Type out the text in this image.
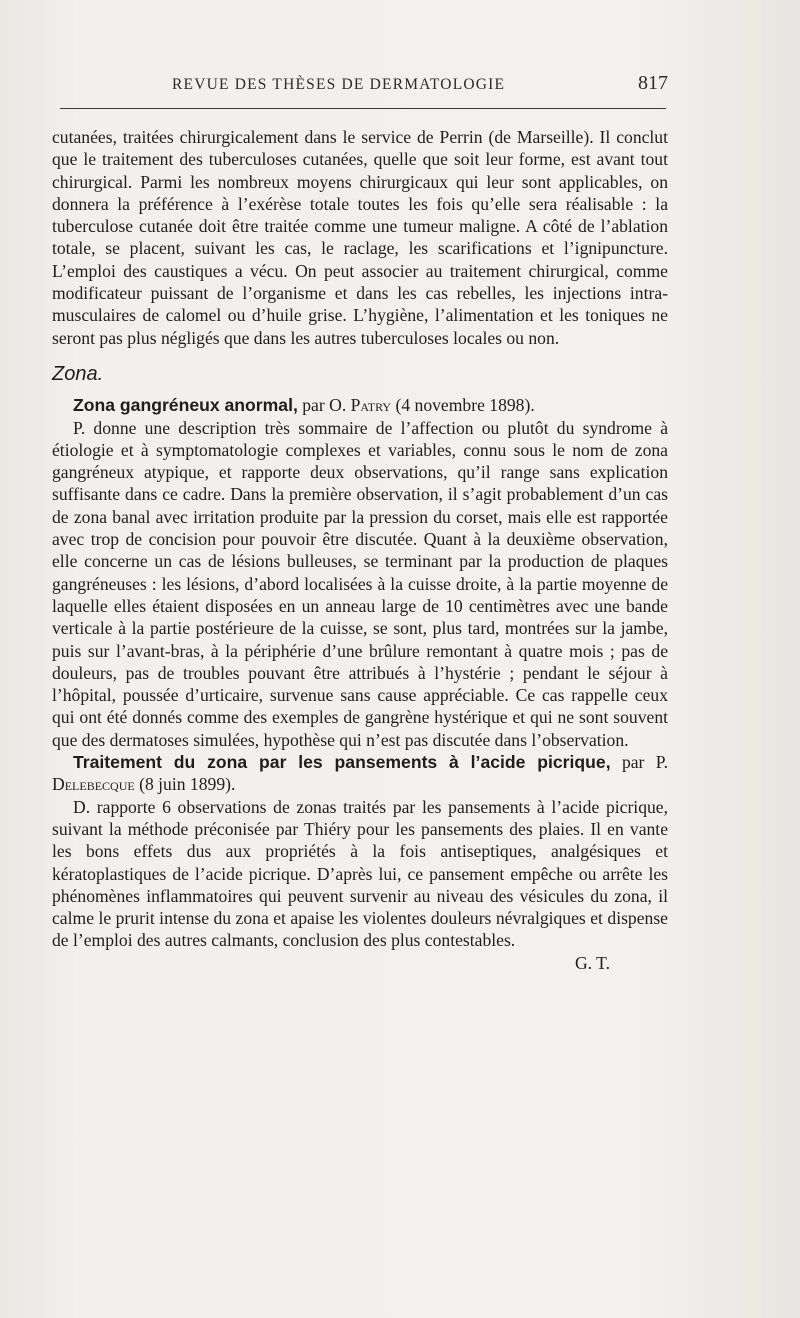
REVUE DES THÈSES DE DERMATOLOGIE	817

cutanées, traitées chirurgicalement dans le service de Perrin (de Marseille). Il conclut que le traitement des tuberculoses cutanées, quelle que soit leur forme, est avant tout chirurgical. Parmi les nombreux moyens chirurgicaux qui leur sont applicables, on donnera la préférence à l’exérèse totale toutes les fois qu’elle sera réalisable : la tuberculose cutanée doit être traitée comme une tumeur maligne. A côté de l’ablation totale, se placent, suivant les cas, le raclage, les scarifications et l’ignipuncture. L’emploi des caustiques a vécu. On peut associer au traitement chirurgical, comme modificateur puissant de l’organisme et dans les cas rebelles, les injections intra-musculaires de calomel ou d’huile grise. L’hygiène, l’alimentation et les toniques ne seront pas plus négligés que dans les autres tuberculoses locales ou non.

Zona.

Zona gangréneux anormal, par O. Patry (4 novembre 1898).

P. donne une description très sommaire de l’affection ou plutôt du syndrome à étiologie et à symptomatologie complexes et variables, connu sous le nom de zona gangréneux atypique, et rapporte deux observations, qu’il range sans explication suffisante dans ce cadre. Dans la première observation, il s’agit probablement d’un cas de zona banal avec irritation produite par la pression du corset, mais elle est rapportée avec trop de concision pour pouvoir être discutée. Quant à la deuxième observation, elle concerne un cas de lésions bulleuses, se terminant par la production de plaques gangréneuses : les lésions, d’abord localisées à la cuisse droite, à la partie moyenne de laquelle elles étaient disposées en un anneau large de 10 centimètres avec une bande verticale à la partie postérieure de la cuisse, se sont, plus tard, montrées sur la jambe, puis sur l’avant-bras, à la périphérie d’une brûlure remontant à quatre mois ; pas de douleurs, pas de troubles pouvant être attribués à l’hystérie ; pendant le séjour à l’hôpital, poussée d’urticaire, survenue sans cause appréciable. Ce cas rappelle ceux qui ont été donnés comme des exemples de gangrène hystérique et qui ne sont souvent que des dermatoses simulées, hypothèse qui n’est pas discutée dans l’observation.

Traitement du zona par les pansements à l’acide picrique, par P. Delebecque (8 juin 1899).

D. rapporte 6 observations de zonas traités par les pansements à l’acide picrique, suivant la méthode préconisée par Thiéry pour les pansements des plaies. Il en vante les bons effets dus aux propriétés à la fois antiseptiques, analgésiques et kératoplastiques de l’acide picrique. D’après lui, ce pansement empêche ou arrête les phénomènes inflammatoires qui peuvent survenir au niveau des vésicules du zona, il calme le prurit intense du zona et apaise les violentes douleurs névralgiques et dispense de l’emploi des autres calmants, conclusion des plus contestables.

G. T.
